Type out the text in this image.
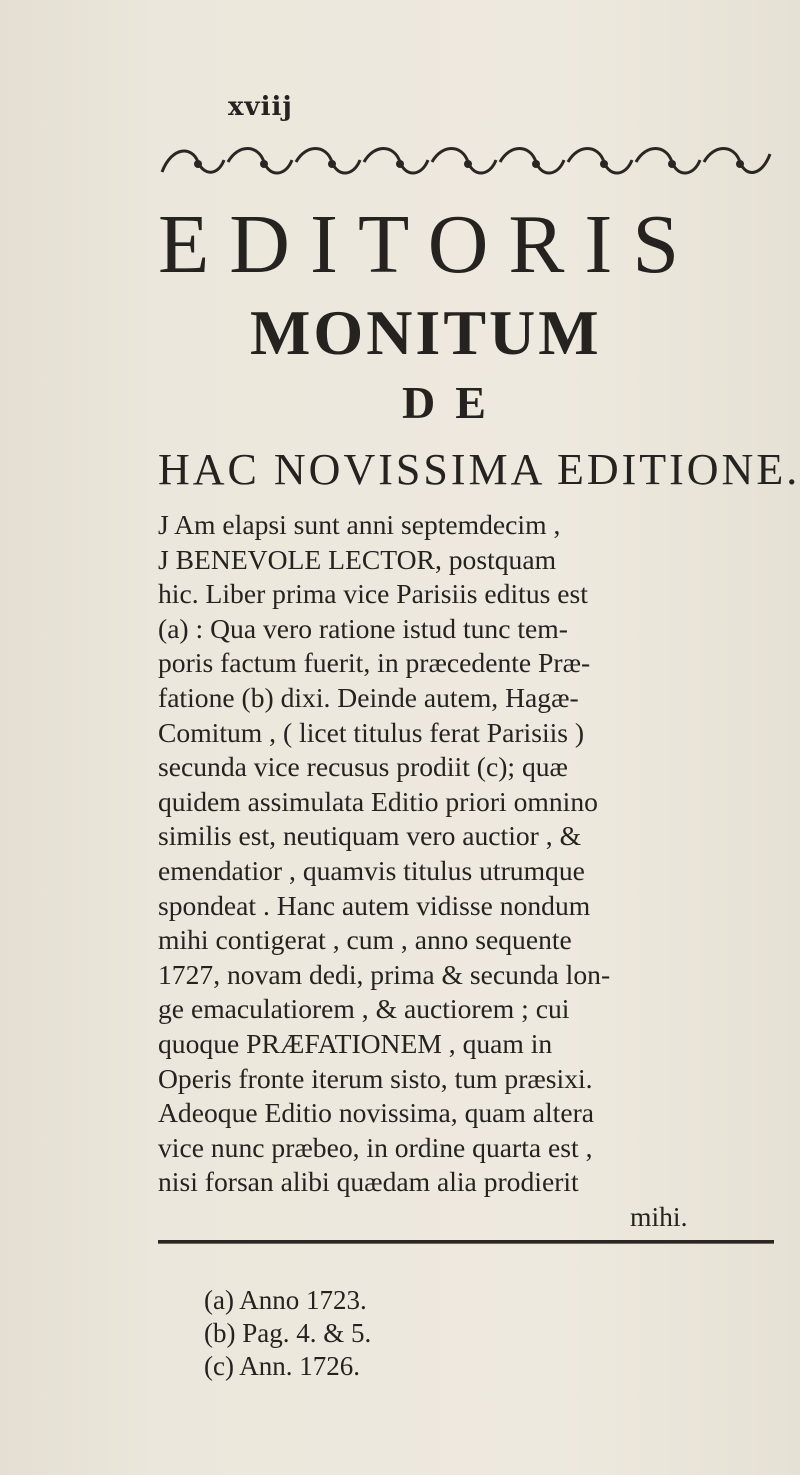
xviij
EDITORIS
MONITUM
DE
HAC NOVISSIMA EDITIONE.
J Am elapsi sunt anni septemdecim ,
J BENEVOLE LECTOR, postquam
hic. Liber prima vice Parisiis editus est
(a) : Qua vero ratione istud tunc tem-
poris factum fuerit, in præcedente Præ-
fatione (b) dixi. Deinde autem, Hagæ-
Comitum , ( licet titulus ferat Parisiis )
secunda vice recusus prodiit (c); quæ
quidem assimulata Editio priori omnino
similis est, neutiquam vero auctior , &
emendatior , quamvis titulus utrumque
spondeat . Hanc autem vidisse nondum
mihi contigerat , cum , anno sequente
1727, novam dedi, prima & secunda lon-
ge emaculatiorem , & auctiorem ; cui
quoque PRÆFATIONEM , quam in
Operis fronte iterum sisto, tum præsixi.
Adeoque Editio novissima, quam altera
vice nunc præbeo, in ordine quarta est ,
nisi forsan alibi quædam alia prodierit
mihi.
(a) Anno 1723.
(b) Pag. 4. & 5.
(c) Ann. 1726.
